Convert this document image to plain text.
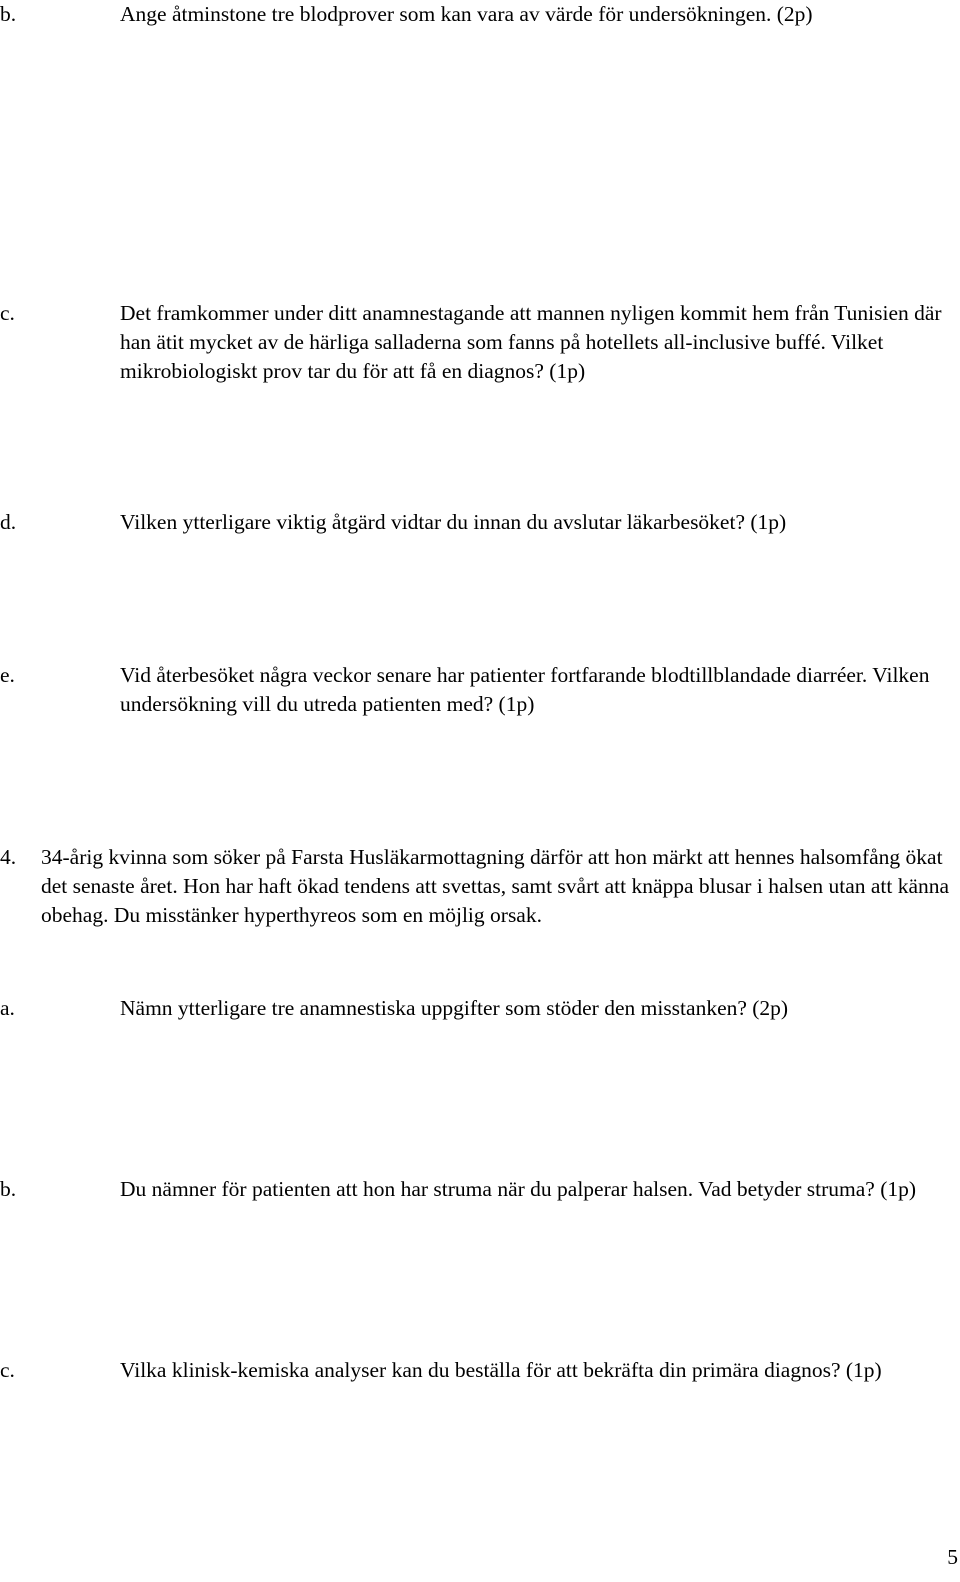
b.	Ange åtminstone tre blodprover som kan vara av värde för undersökningen. (2p)

c.	Det framkommer under ditt anamnestagande att mannen nyligen kommit hem från Tunisien där han ätit mycket av de härliga salladerna som fanns på hotellets all-inclusive buffé. Vilket mikrobiologiskt prov tar du för att få en diagnos? (1p)

d.	Vilken ytterligare viktig åtgärd vidtar du innan du avslutar läkarbesöket? (1p)

e.	Vid återbesöket några veckor senare har patienter fortfarande blodtillblandade diarréer. Vilken undersökning vill du utreda patienten med? (1p)

4.	34-årig kvinna som söker på Farsta Husläkarmottagning därför att hon märkt att hennes halsomfång ökat det senaste året. Hon har haft ökad tendens att svettas, samt svårt att knäppa blusar i halsen utan att känna obehag. Du misstänker hyperthyreos som en möjlig orsak.

a.	Nämn ytterligare tre anamnestiska uppgifter som stöder den misstanken? (2p)

b.	Du nämner för patienten att hon har struma när du palperar halsen. Vad betyder struma? (1p)

c.	Vilka klinisk-kemiska analyser kan du beställa för att bekräfta din primära diagnos? (1p)

5
